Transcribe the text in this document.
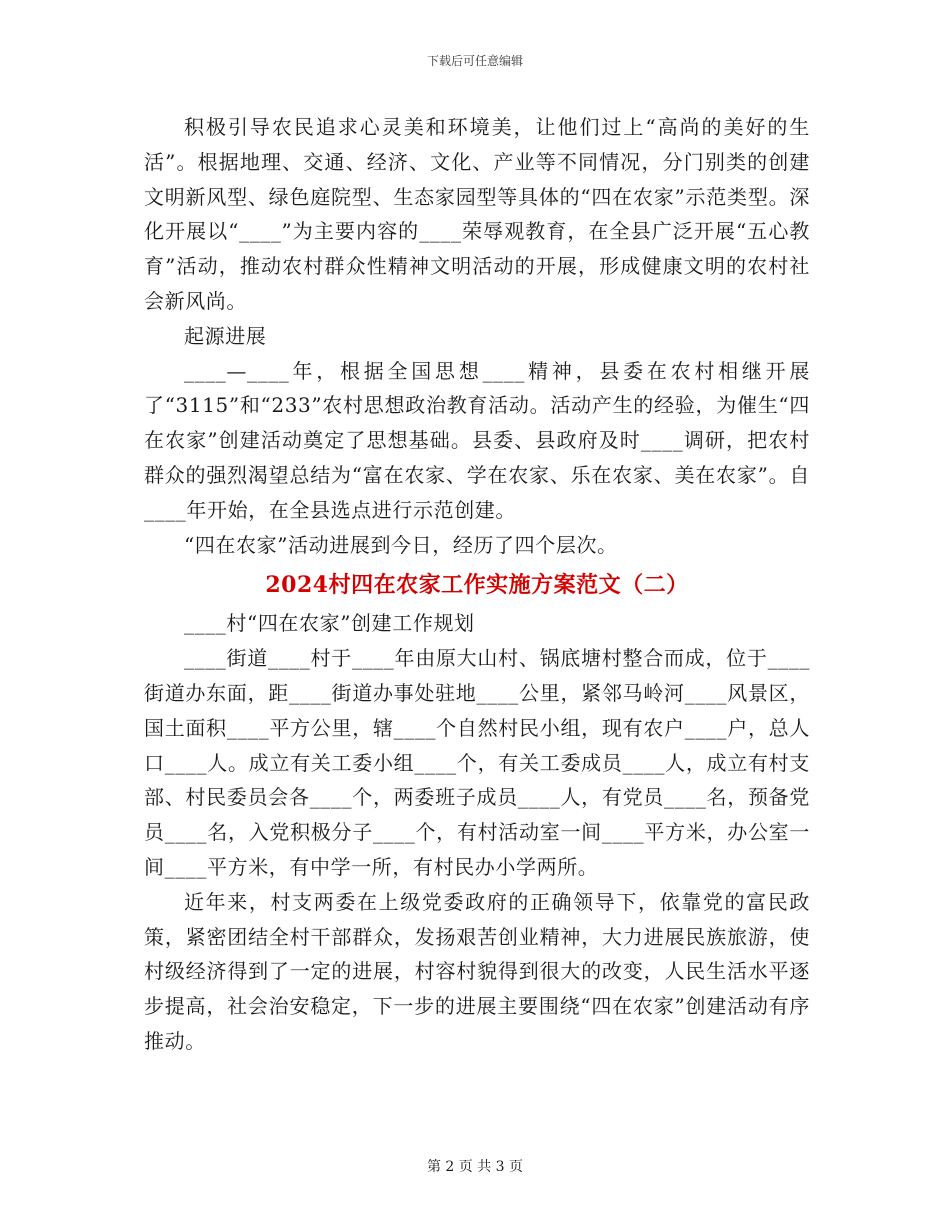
下载后可任意编辑

积极引导农民追求心灵美和环境美，让他们过上“高尚的美好的生活”。根据地理、交通、经济、文化、产业等不同情况，分门别类的创建文明新风型、绿色庭院型、生态家园型等具体的“四在农家”示范类型。深化开展以“____”为主要内容的____荣辱观教育，在全县广泛开展“五心教育”活动，推动农村群众性精神文明活动的开展，形成健康文明的农村社会新风尚。

起源进展

____—____年，根据全国思想____精神，县委在农村相继开展了“3115”和“233”农村思想政治教育活动。活动产生的经验，为催生“四在农家”创建活动奠定了思想基础。县委、县政府及时____调研，把农村群众的强烈渴望总结为“富在农家、学在农家、乐在农家、美在农家”。自____年开始，在全县选点进行示范创建。

“四在农家”活动进展到今日，经历了四个层次。

2024村四在农家工作实施方案范文（二）

____村“四在农家”创建工作规划

____街道____村于____年由原大山村、锅底塘村整合而成，位于____街道办东面，距____街道办事处驻地____公里，紧邻马岭河____风景区，国土面积____平方公里，辖____个自然村民小组，现有农户____户，总人口____人。成立有关工委小组____个，有关工委成员____人，成立有村支部、村民委员会各____个，两委班子成员____人，有党员____名，预备党员____名，入党积极分子____个，有村活动室一间____平方米，办公室一间____平方米，有中学一所，有村民办小学两所。

近年来，村支两委在上级党委政府的正确领导下，依靠党的富民政策，紧密团结全村干部群众，发扬艰苦创业精神，大力进展民族旅游，使村级经济得到了一定的进展，村容村貌得到很大的改变，人民生活水平逐步提高，社会治安稳定，下一步的进展主要围绕“四在农家”创建活动有序推动。

第 2 页 共 3 页
